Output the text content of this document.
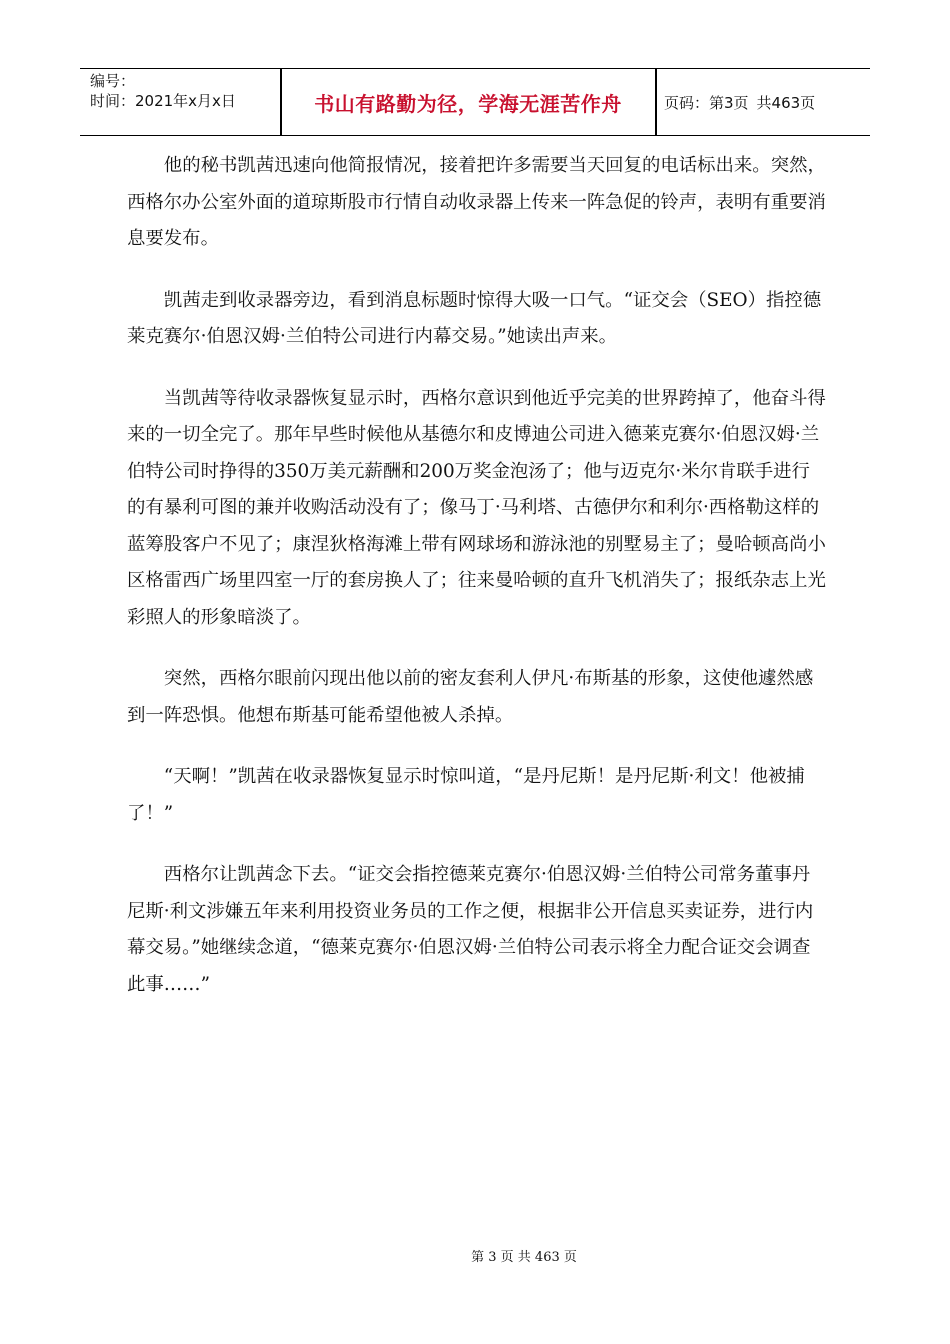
编号：
时间：2021年x月x日	书山有路勤为径，学海无涯苦作舟	页码：第3页 共463页

他的秘书凯茜迅速向他简报情况，接着把许多需要当天回复的电话标出来。突然，西格尔办公室外面的道琼斯股市行情自动收录器上传来一阵急促的铃声，表明有重要消息要发布。

凯茜走到收录器旁边，看到消息标题时惊得大吸一口气。“证交会（SEO）指控德莱克赛尔·伯恩汉姆·兰伯特公司进行内幕交易。”她读出声来。

当凯茜等待收录器恢复显示时，西格尔意识到他近乎完美的世界跨掉了，他奋斗得来的一切全完了。那年早些时候他从基德尔和皮博迪公司进入德莱克赛尔·伯恩汉姆·兰伯特公司时挣得的350万美元薪酬和200万奖金泡汤了；他与迈克尔·米尔肯联手进行的有暴利可图的兼并收购活动没有了；像马丁·马利塔、古德伊尔和利尔·西格勒这样的蓝筹股客户不见了；康涅狄格海滩上带有网球场和游泳池的别墅易主了；曼哈顿高尚小区格雷西广场里四室一厅的套房换人了；往来曼哈顿的直升飞机消失了；报纸杂志上光彩照人的形象暗淡了。

突然，西格尔眼前闪现出他以前的密友套利人伊凡·布斯基的形象，这使他遽然感到一阵恐惧。他想布斯基可能希望他被人杀掉。

“天啊！”凯茜在收录器恢复显示时惊叫道，“是丹尼斯！是丹尼斯·利文！他被捕了！”

西格尔让凯茜念下去。“证交会指控德莱克赛尔·伯恩汉姆·兰伯特公司常务董事丹尼斯·利文涉嫌五年来利用投资业务员的工作之便，根据非公开信息买卖证券，进行内幕交易。”她继续念道，“德莱克赛尔·伯恩汉姆·兰伯特公司表示将全力配合证交会调查此事……”

第 3 页 共 463 页
